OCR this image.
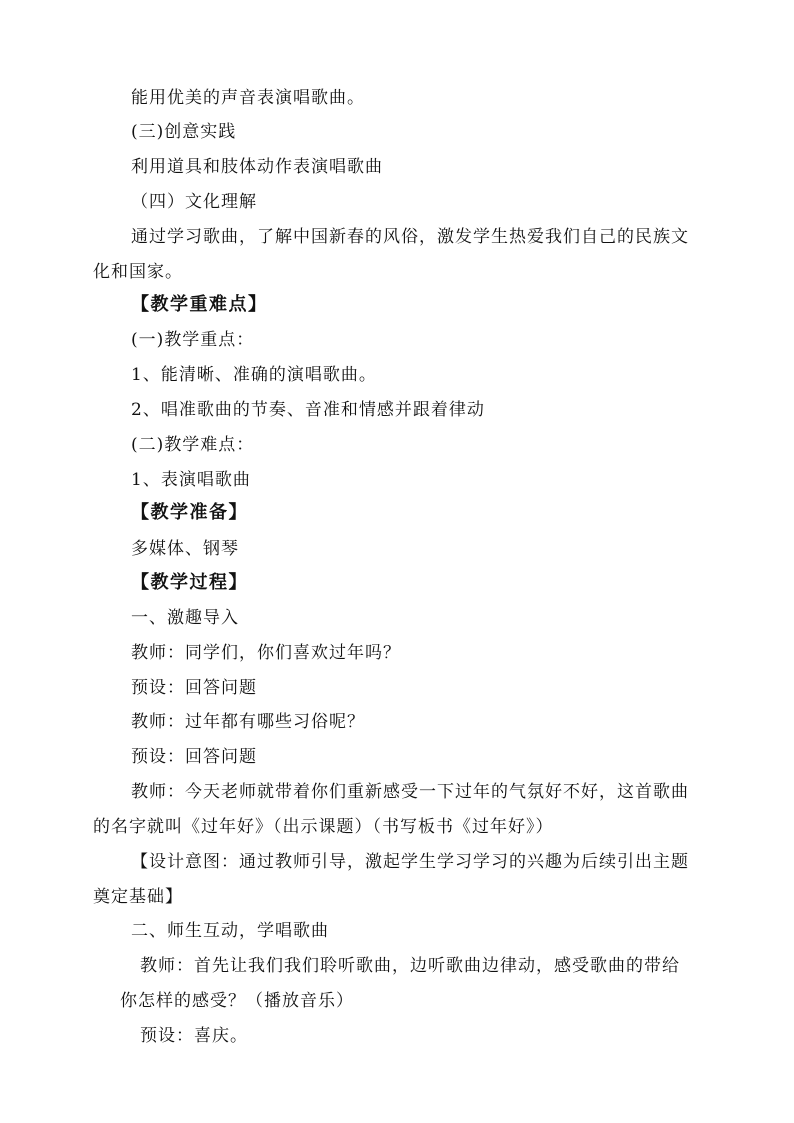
能用优美的声音表演唱歌曲。
(三)创意实践
利用道具和肢体动作表演唱歌曲
（四）文化理解
通过学习歌曲，了解中国新春的风俗，激发学生热爱我们自己的民族文
化和国家。
【教学重难点】
(一)教学重点：
1、能清晰、准确的演唱歌曲。
2、唱准歌曲的节奏、音准和情感并跟着律动
(二)教学难点：
1、表演唱歌曲
【教学准备】
多媒体、钢琴
【教学过程】
一、激趣导入
教师：同学们，你们喜欢过年吗？
预设：回答问题
教师：过年都有哪些习俗呢？
预设：回答问题
教师：今天老师就带着你们重新感受一下过年的气氛好不好，这首歌曲
的名字就叫《过年好》（出示课题）（书写板书《过年好》）
【设计意图：通过教师引导，激起学生学习学习的兴趣为后续引出主题
奠定基础】
二、师生互动，学唱歌曲
教师：首先让我们我们聆听歌曲，边听歌曲边律动，感受歌曲的带给
你怎样的感受？（播放音乐）
预设：喜庆。
